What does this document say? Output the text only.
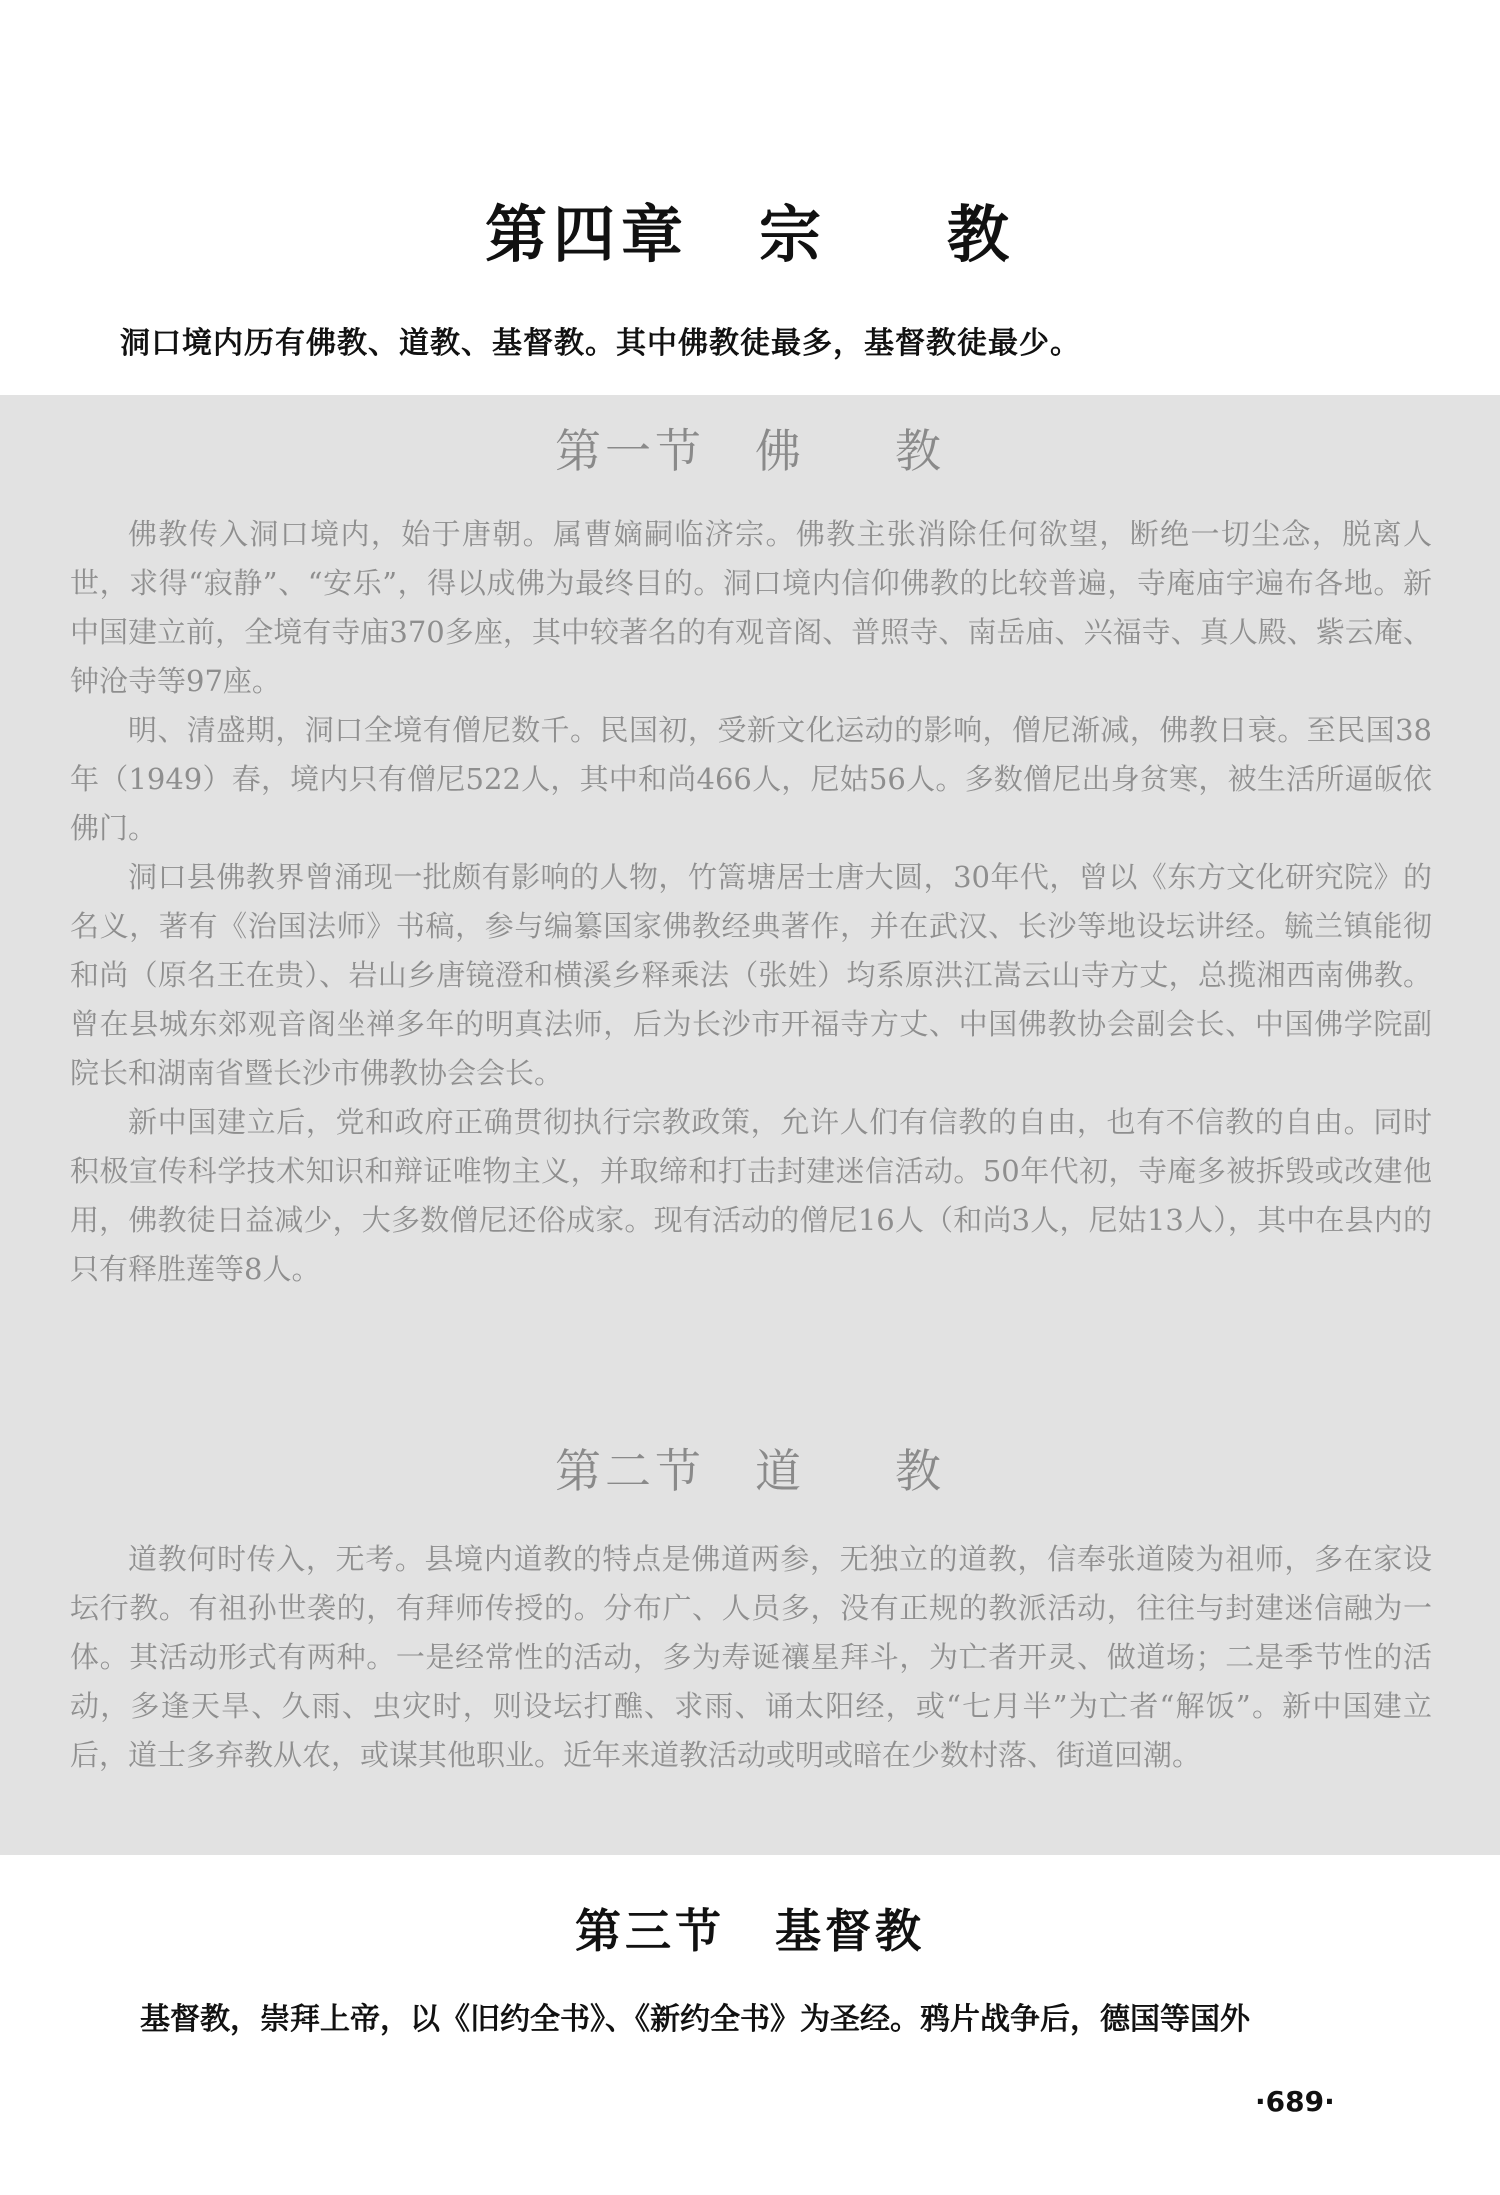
第四章 宗 教
洞口境内历有佛教、道教、基督教。其中佛教徒最多，基督教徒最少。
第一节 佛 教

佛教传入洞口境内，始于唐朝。属曹嫡嗣临济宗。佛教主张消除任何欲望，断绝一切尘念，脱离人世，求得“寂静”、“安乐”，得以成佛为最终目的。洞口境内信仰佛教的比较普遍，寺庵庙宇遍布各地。新中国建立前，全境有寺庙370多座，其中较著名的有观音阁、普照寺、南岳庙、兴福寺、真人殿、紫云庵、钟沧寺等97座。

明、清盛期，洞口全境有僧尼数千。民国初，受新文化运动的影响，僧尼渐减，佛教日衰。至民国38年（1949）春，境内只有僧尼522人，其中和尚466人，尼姑56人。多数僧尼出身贫寒，被生活所逼皈依佛门。

洞口县佛教界曾涌现一批颇有影响的人物，竹篙塘居士唐大圆，30年代，曾以《东方文化研究院》的名义，著有《治国法师》书稿，参与编纂国家佛教经典著作，并在武汉、长沙等地设坛讲经。毓兰镇能彻和尚（原名王在贵）、岩山乡唐镜澄和横溪乡释乘法（张姓）均系原洪江嵩云山寺方丈，总揽湘西南佛教。曾在县城东郊观音阁坐禅多年的明真法师，后为长沙市开福寺方丈、中国佛教协会副会长、中国佛学院副院长和湖南省暨长沙市佛教协会会长。

新中国建立后，党和政府正确贯彻执行宗教政策，允许人们有信教的自由，也有不信教的自由。同时积极宣传科学技术知识和辩证唯物主义，并取缔和打击封建迷信活动。50年代初，寺庵多被拆毁或改建他用，佛教徒日益减少，大多数僧尼还俗成家。现有活动的僧尼16人（和尚3人，尼姑13人），其中在县内的只有释胜莲等8人。

第二节 道 教

道教何时传入，无考。县境内道教的特点是佛道两参，无独立的道教，信奉张道陵为祖师，多在家设坛行教。有祖孙世袭的，有拜师传授的。分布广、人员多，没有正规的教派活动，往往与封建迷信融为一体。其活动形式有两种。一是经常性的活动，多为寿诞禳星拜斗，为亡者开灵、做道场；二是季节性的活动，多逢天旱、久雨、虫灾时，则设坛打醮、求雨、诵太阳经，或“七月半”为亡者“解饭”。新中国建立后，道士多弃教从农，或谋其他职业。近年来道教活动或明或暗在少数村落、街道回潮。

第三节 基督教

基督教，崇拜上帝，以《旧约全书》、《新约全书》为圣经。鸦片战争后，德国等国外

·689·
